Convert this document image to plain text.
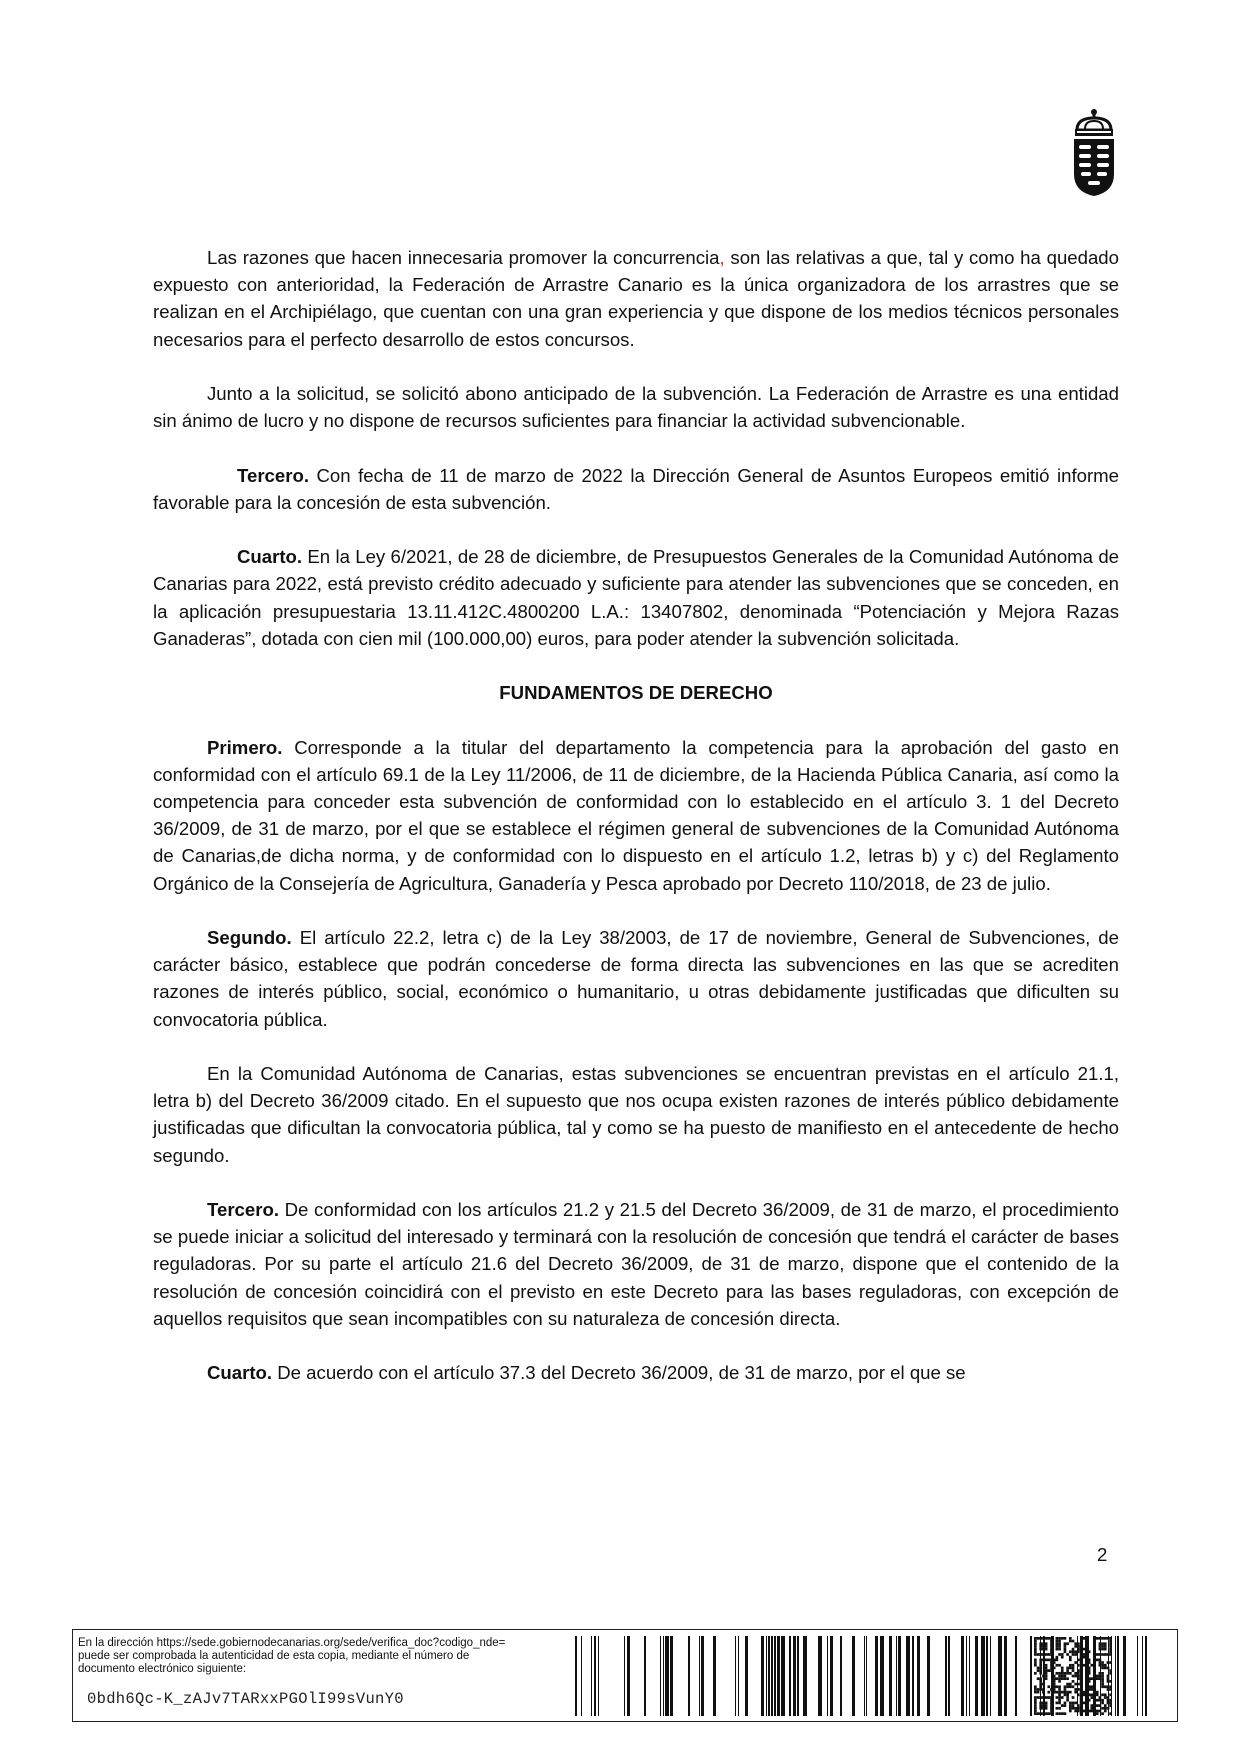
Las razones que hacen innecesaria promover la concurrencia, son las relativas a que, tal y como ha quedado expuesto con anterioridad, la Federación de Arrastre Canario es la única organizadora de los arrastres que se realizan en el Archipiélago, que cuentan con una gran experiencia y que dispone de los medios técnicos personales necesarios para el perfecto desarrollo de estos concursos.

Junto a la solicitud, se solicitó abono anticipado de la subvención. La Federación de Arrastre es una entidad sin ánimo de lucro y no dispone de recursos suficientes para financiar la actividad subvencionable.

Tercero. Con fecha de 11 de marzo de 2022 la Dirección General de Asuntos Europeos emitió informe favorable para la concesión de esta subvención.

Cuarto. En la Ley 6/2021, de 28 de diciembre, de Presupuestos Generales de la Comunidad Autónoma de Canarias para 2022, está previsto crédito adecuado y suficiente para atender las subvenciones que se conceden, en la aplicación presupuestaria 13.11.412C.4800200 L.A.: 13407802, denominada “Potenciación y Mejora Razas Ganaderas”, dotada con cien mil (100.000,00) euros, para poder atender la subvención solicitada.

FUNDAMENTOS DE DERECHO

Primero. Corresponde a la titular del departamento la competencia para la aprobación del gasto en conformidad con el artículo 69.1 de la Ley 11/2006, de 11 de diciembre, de la Hacienda Pública Canaria, así como la competencia para conceder esta subvención de conformidad con lo establecido en el artículo 3. 1 del Decreto 36/2009, de 31 de marzo, por el que se establece el régimen general de subvenciones de la Comunidad Autónoma de Canarias,de dicha norma, y de conformidad con lo dispuesto en el artículo 1.2, letras b) y c) del Reglamento Orgánico de la Consejería de Agricultura, Ganadería y Pesca aprobado por Decreto 110/2018, de 23 de julio.

Segundo. El artículo 22.2, letra c) de la Ley 38/2003, de 17 de noviembre, General de Subvenciones, de carácter básico, establece que podrán concederse de forma directa las subvenciones en las que se acrediten razones de interés público, social, económico o humanitario, u otras debidamente justificadas que dificulten su convocatoria pública.

En la Comunidad Autónoma de Canarias, estas subvenciones se encuentran previstas en el artículo 21.1, letra b) del Decreto 36/2009 citado. En el supuesto que nos ocupa existen razones de interés público debidamente justificadas que dificultan la convocatoria pública, tal y como se ha puesto de manifiesto en el antecedente de hecho segundo.

Tercero. De conformidad con los artículos 21.2 y 21.5 del Decreto 36/2009, de 31 de marzo, el procedimiento se puede iniciar a solicitud del interesado y terminará con la resolución de concesión que tendrá el carácter de bases reguladoras. Por su parte el artículo 21.6 del Decreto 36/2009, de 31 de marzo, dispone que el contenido de la resolución de concesión coincidirá con el previsto en este Decreto para las bases reguladoras, con excepción de aquellos requisitos que sean incompatibles con su naturaleza de concesión directa.

Cuarto. De acuerdo con el artículo 37.3 del Decreto 36/2009, de 31 de marzo, por el que se

2
En la dirección https://sede.gobiernodecanarias.org/sede/verifica_doc?codigo_nde=
puede ser comprobada la autenticidad de esta copia, mediante el número de
documento electrónico siguiente:
0bdh6Qc-K_zAJv7TARxxPGOlI99sVunY0
